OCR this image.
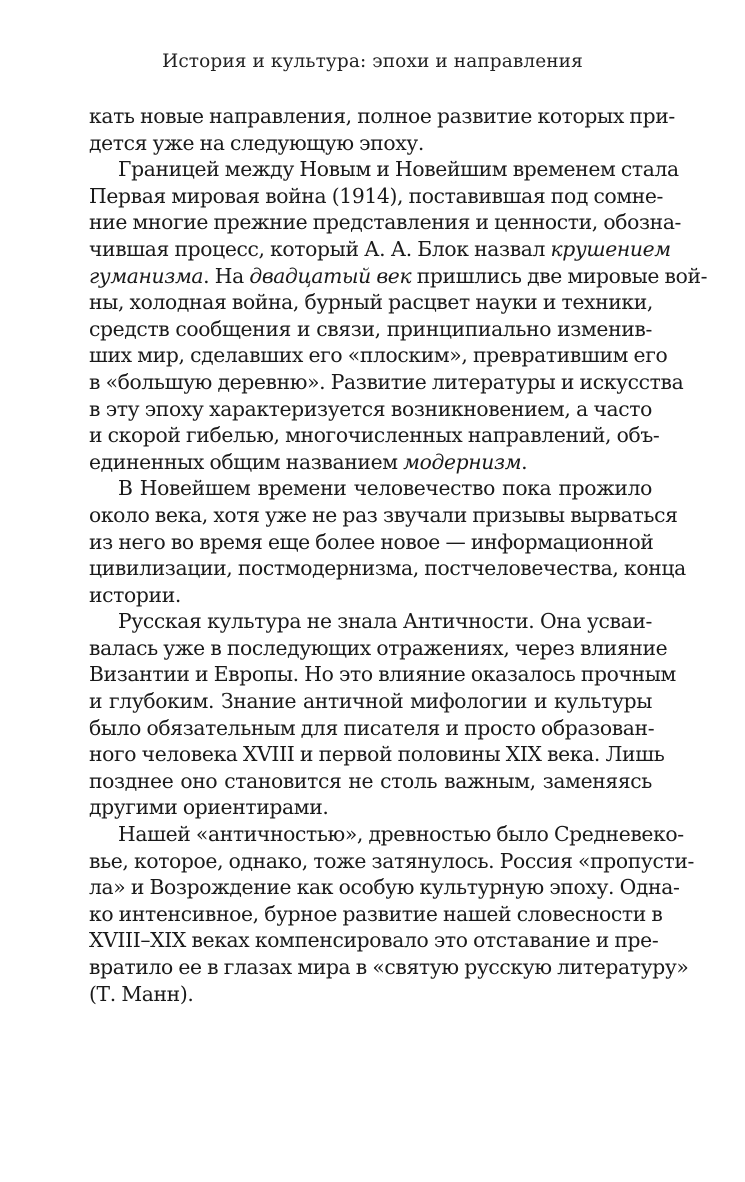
История и культура: эпохи и направления
кать новые направления, полное развитие которых при-
дется уже на следующую эпоху.
Границей между Новым и Новейшим временем стала
Первая мировая война (1914), поставившая под сомне-
ние многие прежние представления и ценности, обозна-
чившая процесс, который А. А. Блок назвал крушением
гуманизма. На двадцатый век пришлись две мировые вой-
ны, холодная война, бурный расцвет науки и техники,
средств сообщения и связи, принципиально изменив-
ших мир, сделавших его «плоским», превратившим его
в «большую деревню». Развитие литературы и искусства
в эту эпоху характеризуется возникновением, а часто
и скорой гибелью, многочисленных направлений, объ-
единенных общим названием модернизм.
В Новейшем времени человечество пока прожило
около века, хотя уже не раз звучали призывы вырваться
из него во время еще более новое — информационной
цивилизации, постмодернизма, постчеловечества, конца
истории.
Русская культура не знала Античности. Она усваи-
валась уже в последующих отражениях, через влияние
Византии и Европы. Но это влияние оказалось прочным
и глубоким. Знание античной мифологии и культуры
было обязательным для писателя и просто образован-
ного человека XVIII и первой половины XIX века. Лишь
позднее оно становится не столь важным, заменяясь
другими ориентирами.
Нашей «античностью», древностью было Средневеко-
вье, которое, однако, тоже затянулось. Россия «пропусти-
ла» и Возрождение как особую культурную эпоху. Одна-
ко интенсивное, бурное развитие нашей словесности в
XVIII–XIX веках компенсировало это отставание и пре-
вратило ее в глазах мира в «святую русскую литературу»
(Т. Манн).
